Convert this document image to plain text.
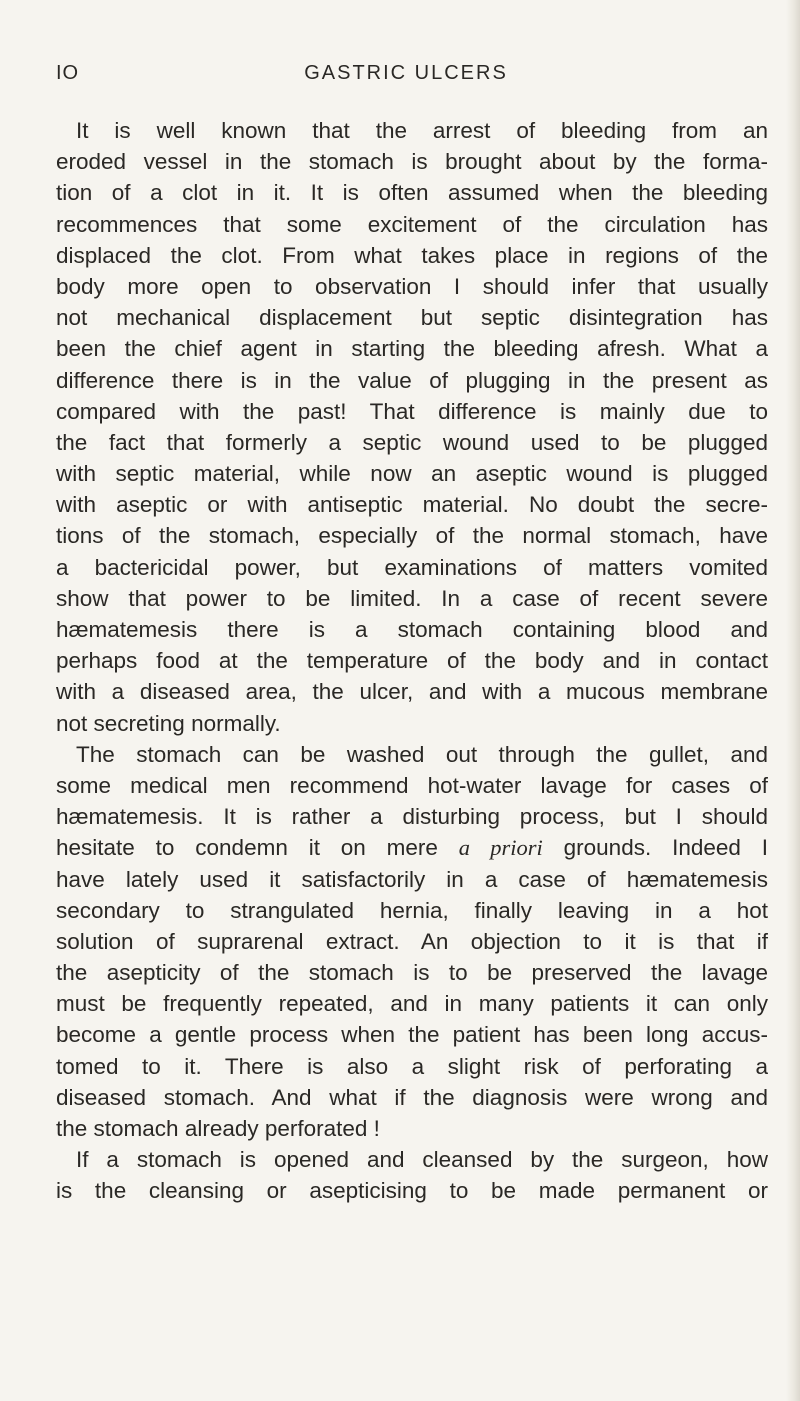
IO	GASTRIC ULCERS
It is well known that the arrest of bleeding from an
eroded vessel in the stomach is brought about by the forma-
tion of a clot in it. It is often assumed when the bleeding
recommences that some excitement of the circulation has
displaced the clot. From what takes place in regions of the
body more open to observation I should infer that usually
not mechanical displacement but septic disintegration has
been the chief agent in starting the bleeding afresh. What a
difference there is in the value of plugging in the present as
compared with the past! That difference is mainly due to
the fact that formerly a septic wound used to be plugged
with septic material, while now an aseptic wound is plugged
with aseptic or with antiseptic material. No doubt the secre-
tions of the stomach, especially of the normal stomach, have
a bactericidal power, but examinations of matters vomited
show that power to be limited. In a case of recent severe
hæmatemesis there is a stomach containing blood and
perhaps food at the temperature of the body and in contact
with a diseased area, the ulcer, and with a mucous membrane
not secreting normally.
The stomach can be washed out through the gullet, and
some medical men recommend hot-water lavage for cases of
hæmatemesis. It is rather a disturbing process, but I should
hesitate to condemn it on mere a priori grounds. Indeed I
have lately used it satisfactorily in a case of hæmatemesis
secondary to strangulated hernia, finally leaving in a hot
solution of suprarenal extract. An objection to it is that if
the asepticity of the stomach is to be preserved the lavage
must be frequently repeated, and in many patients it can only
become a gentle process when the patient has been long accus-
tomed to it. There is also a slight risk of perforating a
diseased stomach. And what if the diagnosis were wrong and
the stomach already perforated !
If a stomach is opened and cleansed by the surgeon, how
is the cleansing or asepticising to be made permanent or
